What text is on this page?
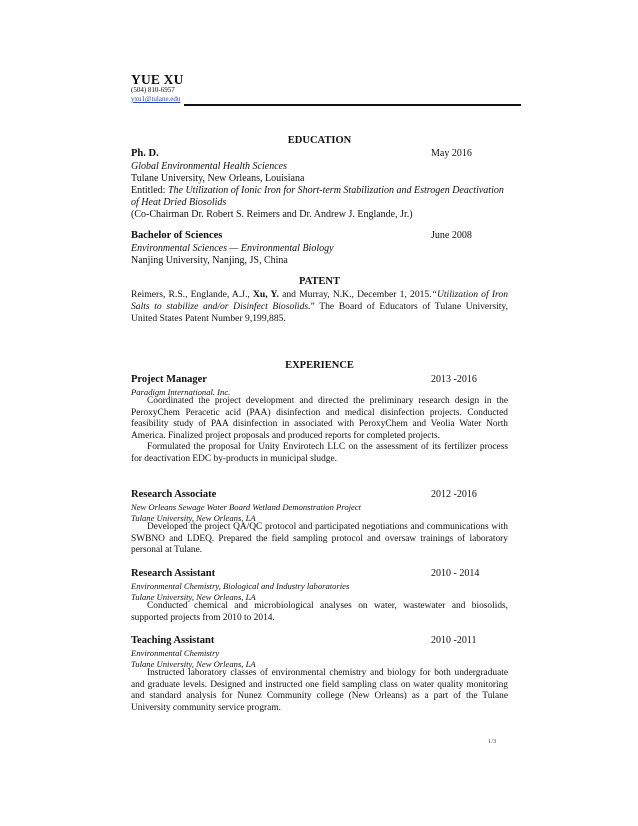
YUE XU
(504) 810-6957
yxu1@tulane.edu
EDUCATION
Ph. D.	May 2016
Global Environmental Health Sciences
Tulane University, New Orleans, Louisiana
Entitled: The Utilization of Ionic Iron for Short-term Stabilization and Estrogen Deactivation
of Heat Dried Biosolids
(Co-Chairman Dr. Robert S. Reimers and Dr. Andrew J. Englande, Jr.)
Bachelor of Sciences	June 2008
Environmental Sciences — Environmental Biology
Nanjing University, Nanjing, JS, China
PATENT
Reimers, R.S., Englande, A.J., Xu, Y. and Murray, N.K., December 1, 2015.“Utilization of Iron Salts to stabilize and/or Disinfect Biosolids.” The Board of Educators of Tulane University, United States Patent Number 9,199,885.
EXPERIENCE
Project Manager	2013 -2016
Paradigm International. Inc.
Coordinated the project development and directed the preliminary research design in the PeroxyChem Peracetic acid (PAA) disinfection and medical disinfection projects. Conducted feasibility study of PAA disinfection in associated with PeroxyChem and Veolia Water North America. Finalized project proposals and produced reports for completed projects.
Formulated the proposal for Unity Envirotech LLC on the assessment of its fertilizer process for deactivation EDC by-products in municipal sludge.
Research Associate	2012 -2016
New Orleans Sewage Water Board Wetland Demonstration Project
Tulane University, New Orleans, LA
Developed the project QA/QC protocol and participated negotiations and communications with SWBNO and LDEQ. Prepared the field sampling protocol and oversaw trainings of laboratory personal at Tulane.
Research Assistant	2010 - 2014
Environmental Chemistry, Biological and Industry laboratories
Tulane University, New Orleans, LA
Conducted chemical and microbiological analyses on water, wastewater and biosolids, supported projects from 2010 to 2014.
Teaching Assistant	2010 -2011
Environmental Chemistry
Tulane University, New Orleans, LA
Instructed laboratory classes of environmental chemistry and biology for both undergraduate and graduate levels. Designed and instructed one field sampling class on water quality monitoring and standard analysis for Nunez Community college (New Orleans) as a part of the Tulane University community service program.
1/3
